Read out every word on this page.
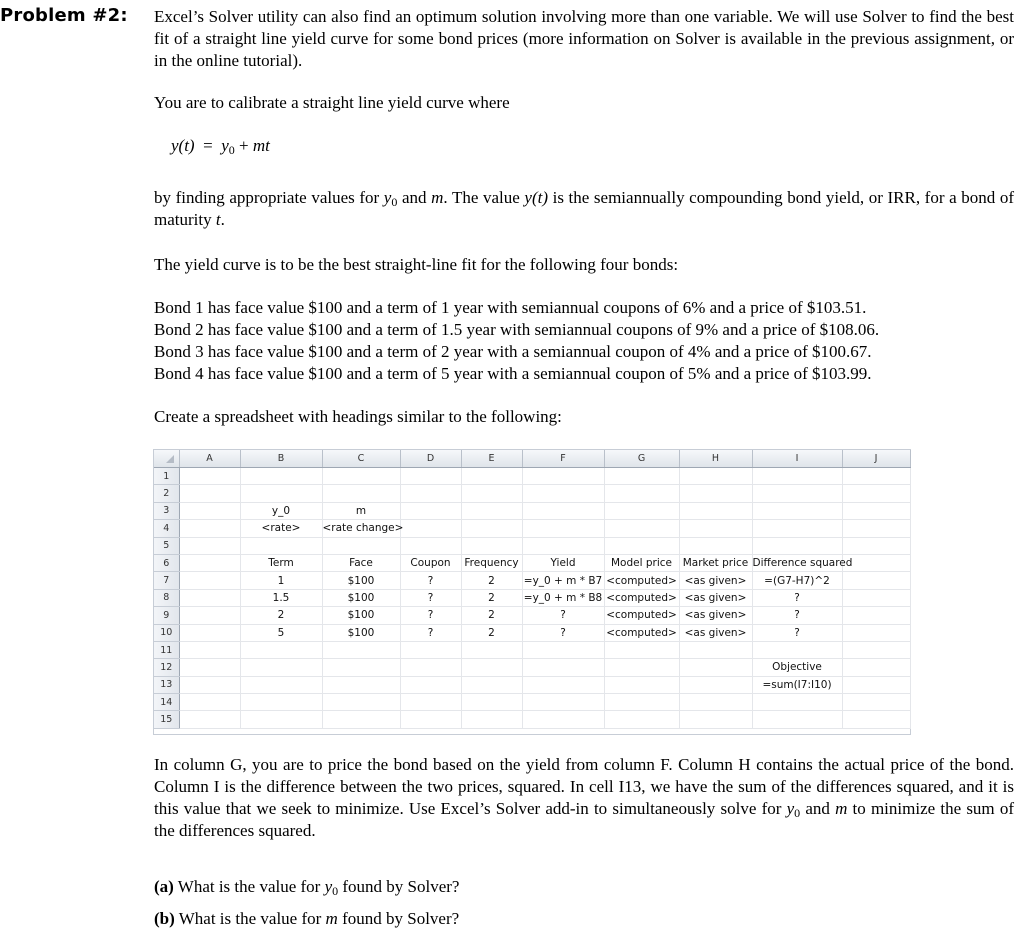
Problem #2: Excel’s Solver utility can also find an optimum solution involving more than one variable. We will use Solver to find the best fit of a straight line yield curve for some bond prices (more information on Solver is available in the previous assignment, or in the online tutorial).
You are to calibrate a straight line yield curve where
$y(t) = y_0$ + mt
by finding appropriate values for $y_0$ and m. The value y(t) is the semiannually compounding bond yield, or IRR, for a bond of maturity t.
The yield curve is to be the best straight-line fit for the following four bonds:
Bond 1 has face value $100 and a term of 1 year with semiannual coupons of 6% and a price of $103.51.
Bond 2 has face value $100 and a term of 1.5 year with semiannual coupons of 9% and a price of $108.06.
Bond 3 has face value $100 and a term of 2 year with a semiannual coupon of 4% and a price of $100.67.
Bond 4 has face value $100 and a term of 5 year with a semiannual coupon of 5% and a price of $103.99.
Create a spreadsheet with headings similar to the following:
	A	B	C	D	E	F	G	H	I	J	
1											
2											
3		y_0	m								
4		<rate>	<rate change>								
5											
6		Term	Face	Coupon	Frequency	Yield	Model price	Market price	Difference squared		
7		1	$100	?	2	=y_0 + m * B7	<computed>	<as given>	=(G7-H7)^2		
8		1.5	$100	?	2	=y_0 + m * B8	<computed>	<as given>	?		
9		2	$100	?	2	?	<computed>	<as given>	?		
10		5	$100	?	2	?	<computed>	<as given>	?		
11											
12									Objective		
13									=sum(I7:I10)		
14											
15											
In column G, you are to price the bond based on the yield from column F. Column H contains the actual price of the bond. Column I is the difference between the two prices, squared. In cell I13, we have the sum of the differences squared, and it is this value that we seek to minimize. Use Excel’s Solver add-in to simultaneously solve for $y_0$ and m to minimize the sum of the differences squared.
(a) What is the value for $y_0$ found by Solver?
(b) What is the value for m found by Solver?
